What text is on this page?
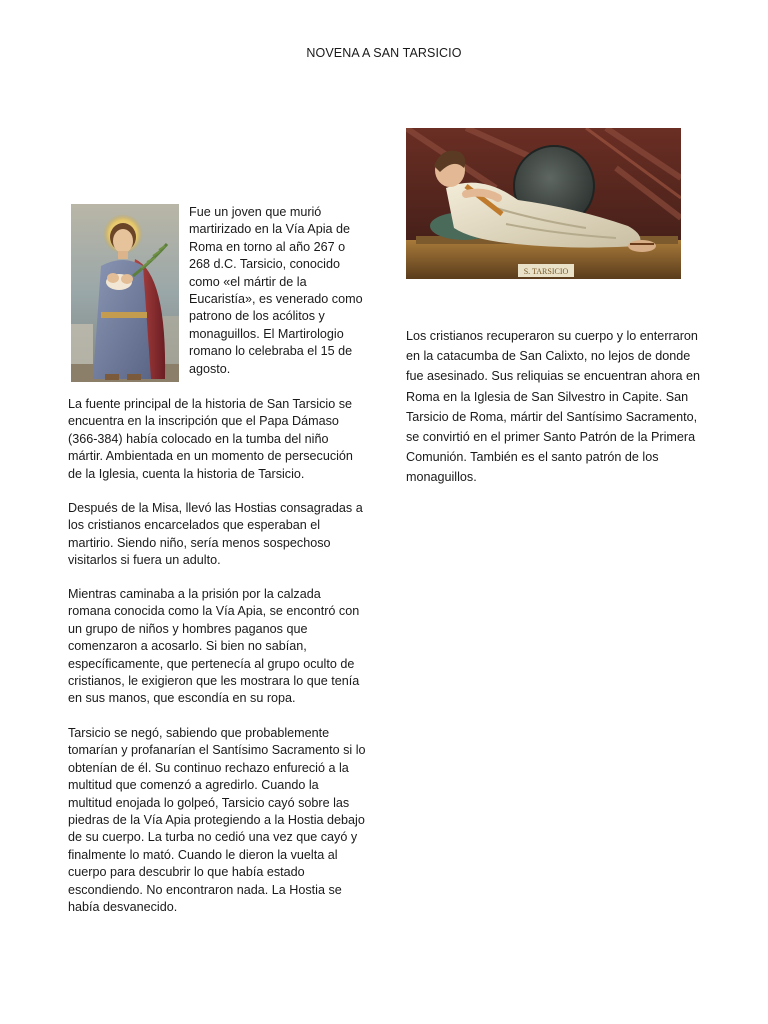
NOVENA A SAN TARSICIO

Fue un joven que murió martirizado en la Vía Apia de Roma en torno al año 267 o 268 d.C. Tarsicio, conocido como «el mártir de la Eucaristía», es venerado como patrono de los acólitos y monaguillos. El Martirologio romano lo celebraba el 15 de agosto.

La fuente principal de la historia de San Tarsicio se encuentra en la inscripción que el Papa Dámaso (366-384) había colocado en la tumba del niño mártir. Ambientada en un momento de persecución de la Iglesia, cuenta la historia de Tarsicio.

Después de la Misa, llevó las Hostias consagradas a los cristianos encarcelados que esperaban el martirio. Siendo niño, sería menos sospechoso visitarlos si fuera un adulto.

Mientras caminaba a la prisión por la calzada romana conocida como la Vía Apia, se encontró con un grupo de niños y hombres paganos que comenzaron a acosarlo. Si bien no sabían, específicamente, que pertenecía al grupo oculto de cristianos, le exigieron que les mostrara lo que tenía en sus manos, que escondía en su ropa.

Tarsicio se negó, sabiendo que probablemente tomarían y profanarían el Santísimo Sacramento si lo obtenían de él. Su continuo rechazo enfureció a la multitud que comenzó a agredirlo. Cuando la multitud enojada lo golpeó, Tarsicio cayó sobre las piedras de la Vía Apia protegiendo a la Hostia debajo de su cuerpo. La turba no cedió una vez que cayó y finalmente lo mató. Cuando le dieron la vuelta al cuerpo para descubrir lo que había estado escondiendo. No encontraron nada. La Hostia se había desvanecido.

S. TARSICIO

Los cristianos recuperaron su cuerpo y lo enterraron en la catacumba de San Calixto, no lejos de donde fue asesinado. Sus reliquias se encuentran ahora en Roma en la Iglesia de San Silvestro in Capite. San Tarsicio de Roma, mártir del Santísimo Sacramento, se convirtió en el primer Santo Patrón de la Primera Comunión. También es el santo patrón de los monaguillos.
